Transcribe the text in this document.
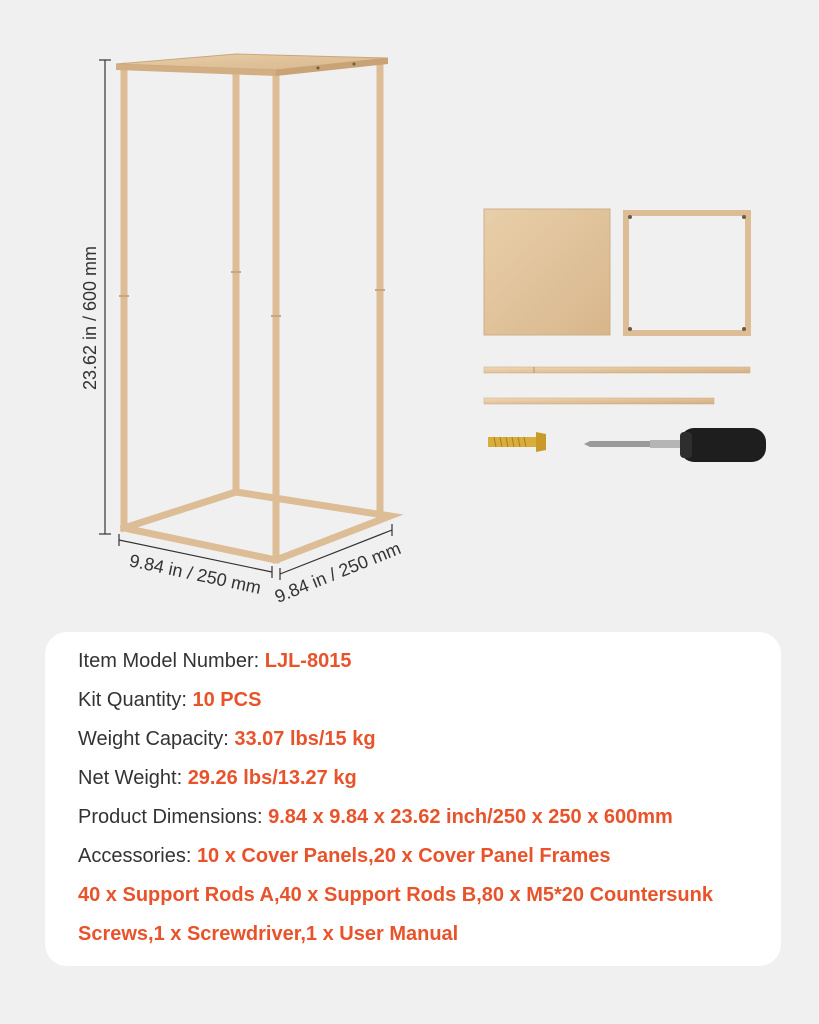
23.62 in / 600 mm
9.84 in / 250 mm 9.84 in / 250 mm
Item Model Number: LJL-8015
Kit Quantity: 10 PCS
Weight Capacity: 33.07 lbs/15 kg
Net Weight: 29.26 lbs/13.27 kg
Product Dimensions: 9.84 x 9.84 x 23.62 inch/250 x 250 x 600mm
Accessories: 10 x Cover Panels,20 x Cover Panel Frames
40 x Support Rods A,40 x Support Rods B,80 x M5*20 Countersunk
Screws,1 x Screwdriver,1 x User Manual
